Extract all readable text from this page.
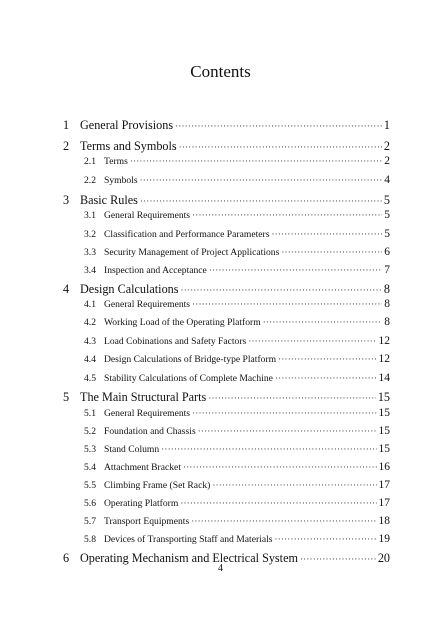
Contents
1 General Provisions ·····	1
2 Terms and Symbols ·····	2
2.1 Terms ·····	2
2.2 Symbols ·····	4
3 Basic Rules ·····	5
3.1 General Requirements ·····	5
3.2 Classification and Performance Parameters ·····	5
3.3 Security Management of Project Applications ·····	6
3.4 Inspection and Acceptance ·····	7
4 Design Calculations ·····	8
4.1 General Requirements ·····	8
4.2 Working Load of the Operating Platform ·····	8
4.3 Load Cobinations and Safety Factors ·····	12
4.4 Design Calculations of Bridge-type Platform ·····	12
4.5 Stability Calculations of Complete Machine ·····	14
5 The Main Structural Parts ·····	15
5.1 General Requirements ·····	15
5.2 Foundation and Chassis ·····	15
5.3 Stand Column ·····	15
5.4 Attachment Bracket ·····	16
5.5 Climbing Frame (Set Rack) ·····	17
5.6 Operating Platform ·····	17
5.7 Transport Equipments ·····	18
5.8 Devices of Transporting Staff and Materials ·····	19
6 Operating Mechanism and Electrical System ·····	20
4
